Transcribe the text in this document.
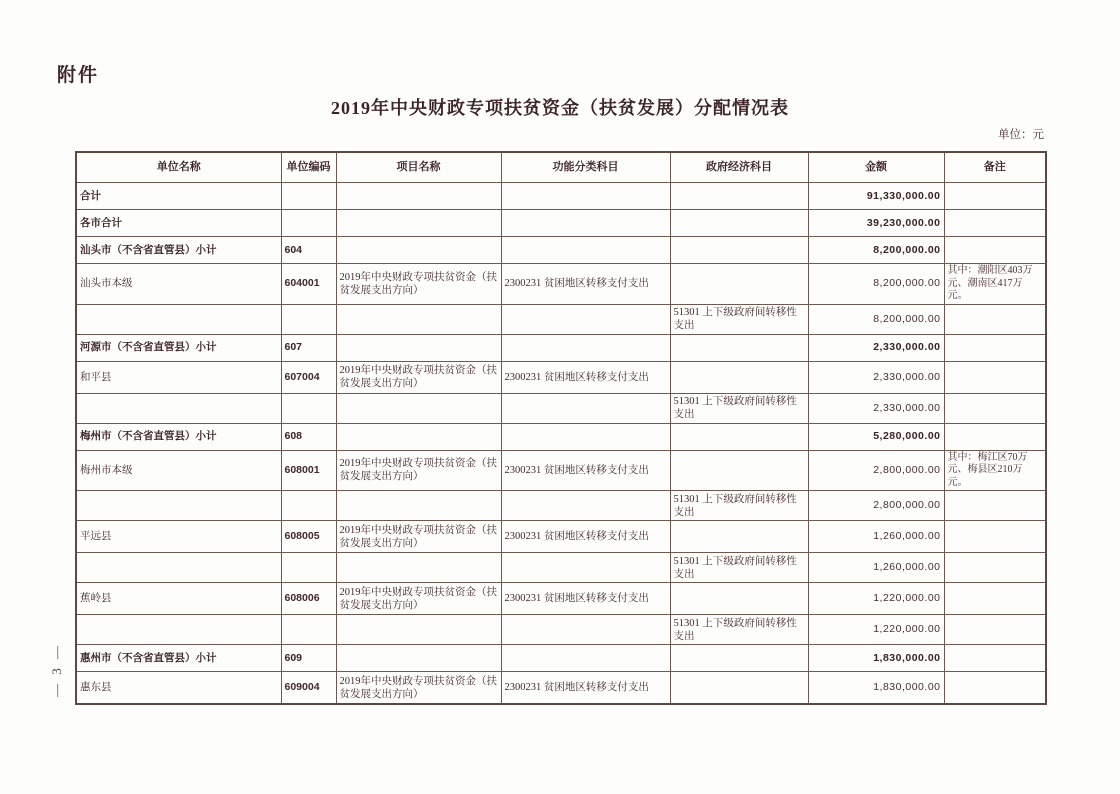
附件
2019年中央财政专项扶贫资金（扶贫发展）分配情况表
单位：元
单位名称	单位编码	项目名称	功能分类科目	政府经济科目	金额	备注
合计					91,330,000.00	
各市合计					39,230,000.00	
汕头市（不含省直管县）小计	604				8,200,000.00	
汕头市本级	604001	2019年中央财政专项扶贫资金（扶贫发展支出方向）	2300231 贫困地区转移支付支出		8,200,000.00	其中：潮阳区403万元、潮南区417万元。
				51301 上下级政府间转移性支出	8,200,000.00	
河源市（不含省直管县）小计	607				2,330,000.00	
和平县	607004	2019年中央财政专项扶贫资金（扶贫发展支出方向）	2300231 贫困地区转移支付支出		2,330,000.00	
				51301 上下级政府间转移性支出	2,330,000.00	
梅州市（不含省直管县）小计	608				5,280,000.00	
梅州市本级	608001	2019年中央财政专项扶贫资金（扶贫发展支出方向）	2300231 贫困地区转移支付支出		2,800,000.00	其中：梅江区70万元、梅县区210万元。
				51301 上下级政府间转移性支出	2,800,000.00	
平远县	608005	2019年中央财政专项扶贫资金（扶贫发展支出方向）	2300231 贫困地区转移支付支出		1,260,000.00	
				51301 上下级政府间转移性支出	1,260,000.00	
蕉岭县	608006	2019年中央财政专项扶贫资金（扶贫发展支出方向）	2300231 贫困地区转移支付支出		1,220,000.00	
				51301 上下级政府间转移性支出	1,220,000.00	
惠州市（不含省直管县）小计	609				1,830,000.00	
惠东县	609004	2019年中央财政专项扶贫资金（扶贫发展支出方向）	2300231 贫困地区转移支付支出		1,830,000.00	
— 3 —
